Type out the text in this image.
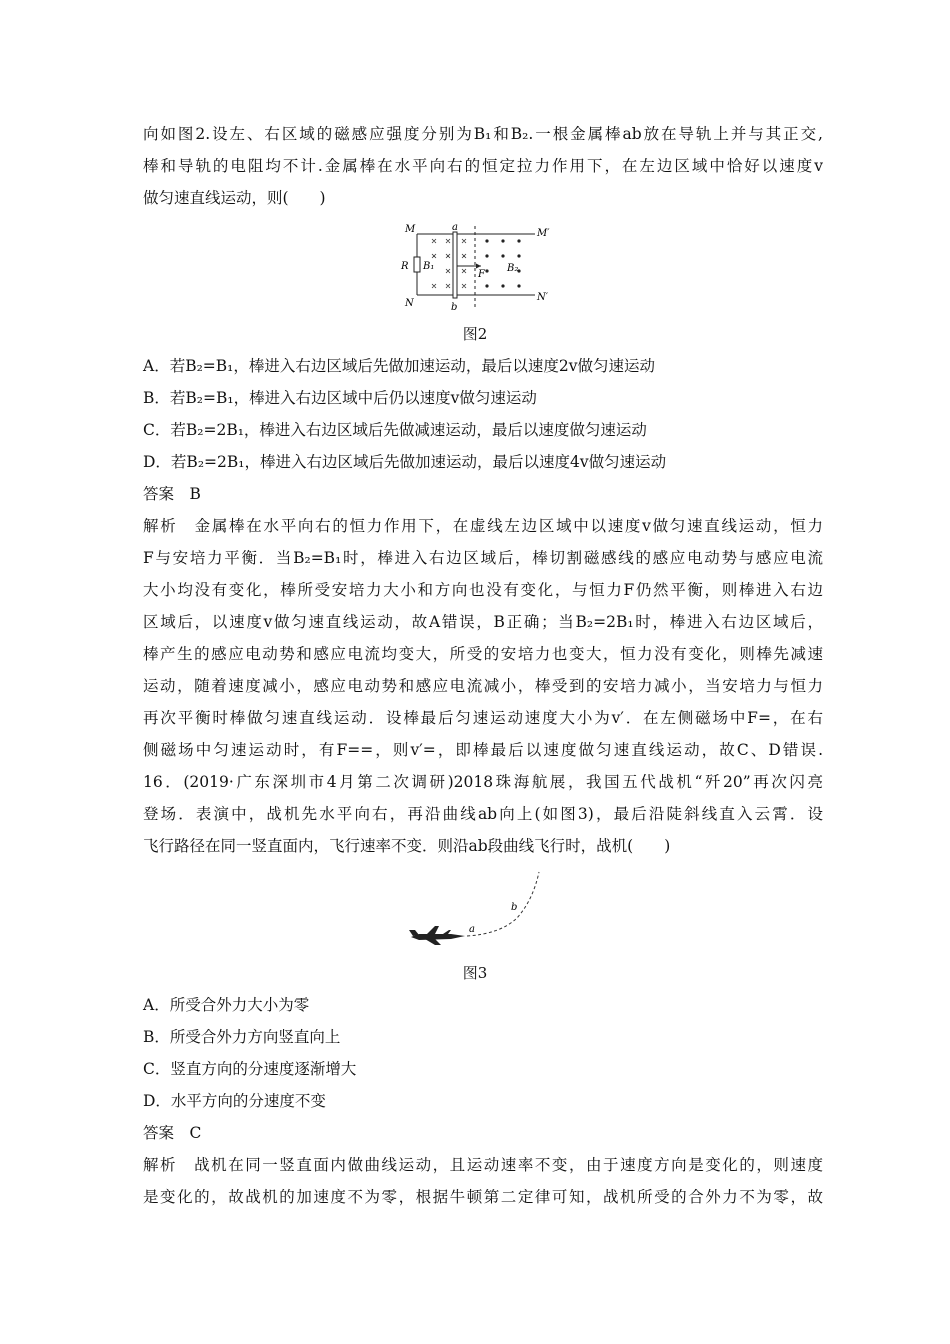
向如图2.设左、右区域的磁感应强度分别为B₁和B₂.一根金属棒ab放在导轨上并与其正交,
棒和导轨的电阻均不计.金属棒在水平向右的恒定拉力作用下，在左边区域中恰好以速度v
做匀速直线运动，则(　　)
M	M′
N
N′
R B₁	B₂
a
b
F
图2
A．若B₂=B₁，棒进入右边区域后先做加速运动，最后以速度2v做匀速运动
B．若B₂=B₁，棒进入右边区域中后仍以速度v做匀速运动
C．若B₂=2B₁，棒进入右边区域后先做减速运动，最后以速度做匀速运动
D．若B₂=2B₁，棒进入右边区域后先做加速运动，最后以速度4v做匀速运动
答案　B
解析　金属棒在水平向右的恒力作用下，在虚线左边区域中以速度v做匀速直线运动，恒力
F与安培力平衡．当B₂=B₁时，棒进入右边区域后，棒切割磁感线的感应电动势与感应电流
大小均没有变化，棒所受安培力大小和方向也没有变化，与恒力F仍然平衡，则棒进入右边
区域后，以速度v做匀速直线运动，故A错误，B正确；当B₂=2B₁时，棒进入右边区域后，
棒产生的感应电动势和感应电流均变大，所受的安培力也变大，恒力没有变化，则棒先减速
运动，随着速度减小，感应电动势和感应电流减小，棒受到的安培力减小，当安培力与恒力
再次平衡时棒做匀速直线运动．设棒最后匀速运动速度大小为v′．在左侧磁场中F=，在右
侧磁场中匀速运动时，有F==，则v′=，即棒最后以速度做匀速直线运动，故C、D错误.
16．(2019·广东深圳市4月第二次调研)2018珠海航展，我国五代战机“歼20”再次闪亮
登场．表演中，战机先水平向右，再沿曲线ab向上(如图3)，最后沿陡斜线直入云霄．设
飞行路径在同一竖直面内，飞行速率不变．则沿ab段曲线飞行时，战机(　　)
a
b
图3
A．所受合外力大小为零
B．所受合外力方向竖直向上
C．竖直方向的分速度逐渐增大
D．水平方向的分速度不变
答案　C
解析　战机在同一竖直面内做曲线运动，且运动速率不变，由于速度方向是变化的，则速度
是变化的，故战机的加速度不为零，根据牛顿第二定律可知，战机所受的合外力不为零，故
